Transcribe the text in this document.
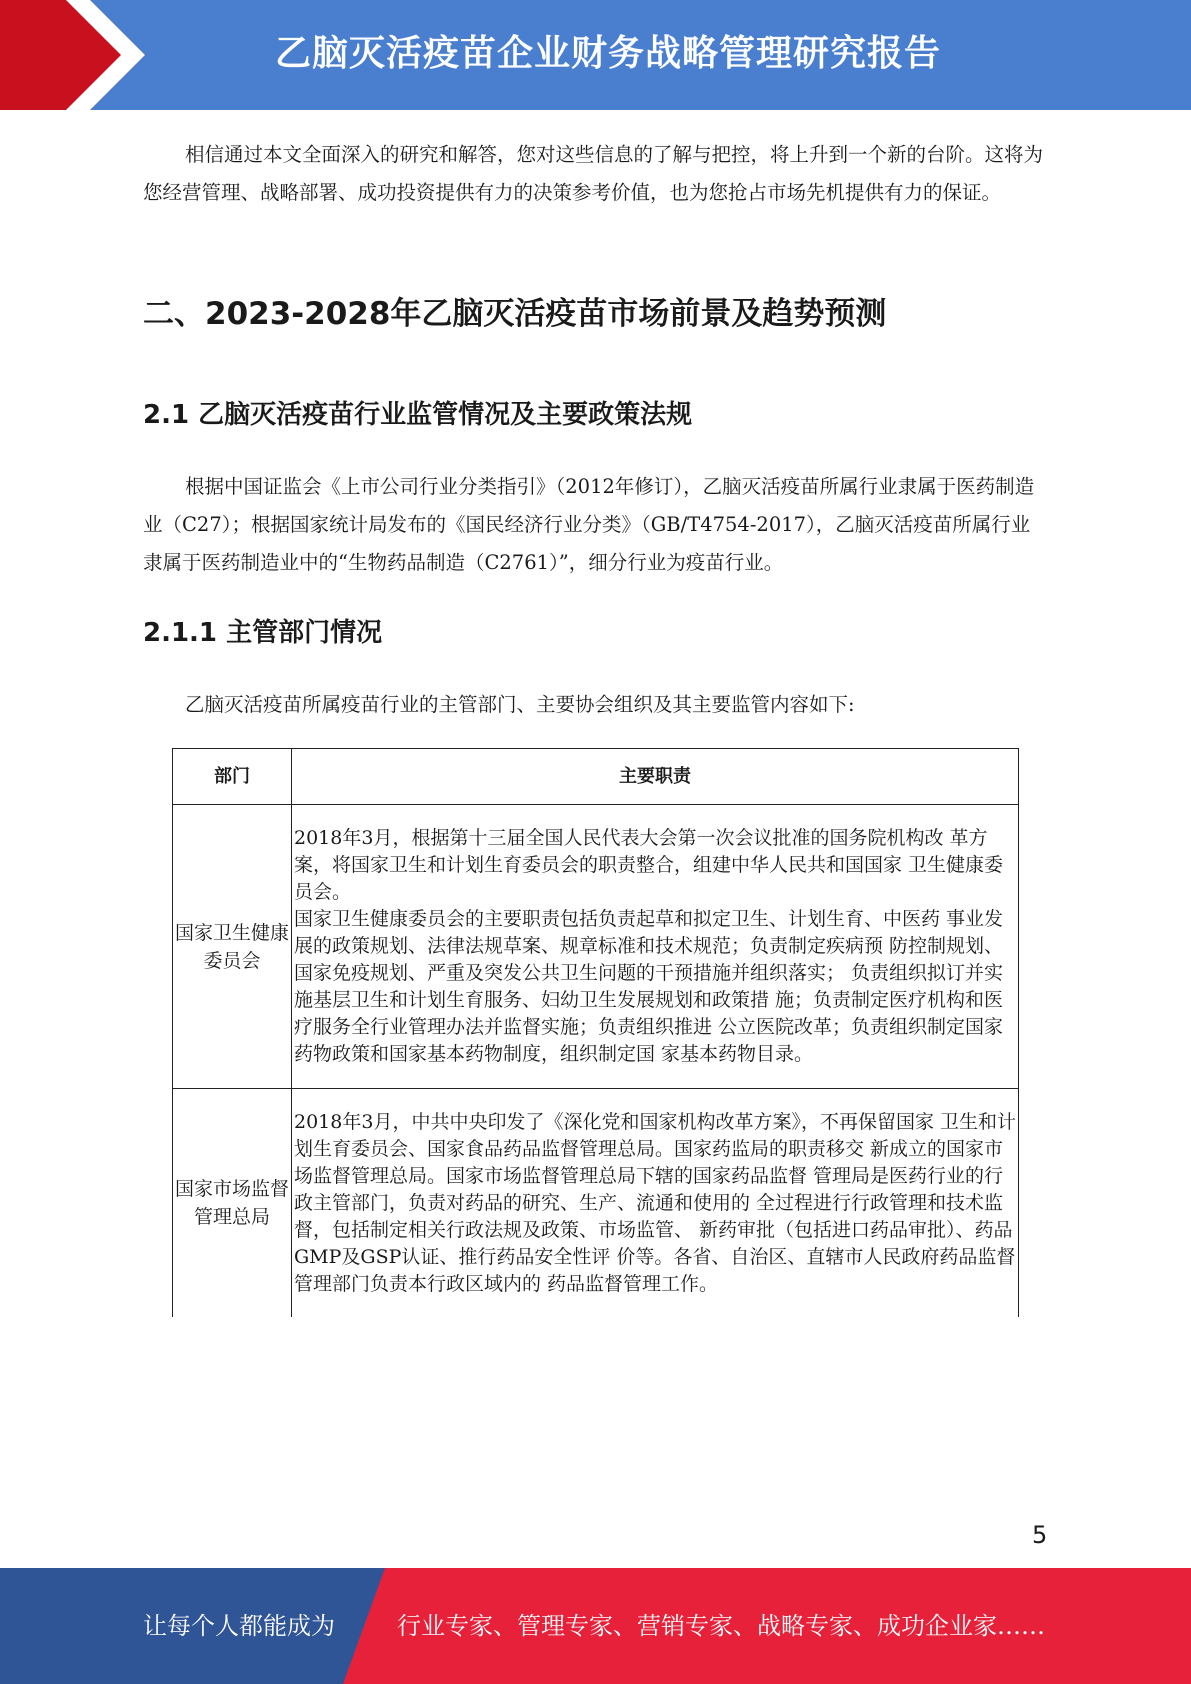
乙脑灭活疫苗企业财务战略管理研究报告

相信通过本文全面深入的研究和解答，您对这些信息的了解与把控，将上升到一个新的台阶。这将为您经营管理、战略部署、成功投资提供有力的决策参考价值，也为您抢占市场先机提供有力的保证。

二、2023-2028年乙脑灭活疫苗市场前景及趋势预测
2.1 乙脑灭活疫苗行业监管情况及主要政策法规

根据中国证监会《上市公司行业分类指引》（2012年修订），乙脑灭活疫苗所属行业隶属于医药制造业（C27）；根据国家统计局发布的《国民经济行业分类》（GB/T4754-2017），乙脑灭活疫苗所属行业隶属于医药制造业中的“生物药品制造（C2761）”，细分行业为疫苗行业。

2.1.1 主管部门情况

乙脑灭活疫苗所属疫苗行业的主管部门、主要协会组织及其主要监管内容如下:

部门	主要职责
国家卫生健康委员会

2018年3月，根据第十三届全国人民代表大会第一次会议批准的国务院机构改 革方案，将国家卫生和计划生育委员会的职责整合，组建中华人民共和国国家 卫生健康委员会。

国家卫生健康委员会的主要职责包括负责起草和拟定卫生、计划生育、中医药 事业发展的政策规划、法律法规草案、规章标准和技术规范；负责制定疾病预 防控制规划、国家免疫规划、严重及突发公共卫生问题的干预措施并组织落实； 负责组织拟订并实施基层卫生和计划生育服务、妇幼卫生发展规划和政策措 施；负责制定医疗机构和医疗服务全行业管理办法并监督实施；负责组织推进 公立医院改革；负责组织制定国家药物政策和国家基本药物制度，组织制定国 家基本药物目录。

国家市场监督管理总局

2018年3月，中共中央印发了《深化党和国家机构改革方案》，不再保留国家 卫生和计划生育委员会、国家食品药品监督管理总局。国家药监局的职责移交 新成立的国家市场监督管理总局。国家市场监督管理总局下辖的国家药品监督 管理局是医药行业的行政主管部门，负责对药品的研究、生产、流通和使用的 全过程进行行政管理和技术监督，包括制定相关行政法规及政策、市场监管、 新药审批（包括进口药品审批）、药品GMP及GSP认证、推行药品安全性评 价等。各省、自治区、直辖市人民政府药品监督管理部门负责本行政区域内的 药品监督管理工作。

5
让每个人都能成为	行业专家、管理专家、营销专家、战略专家、成功企业家……
